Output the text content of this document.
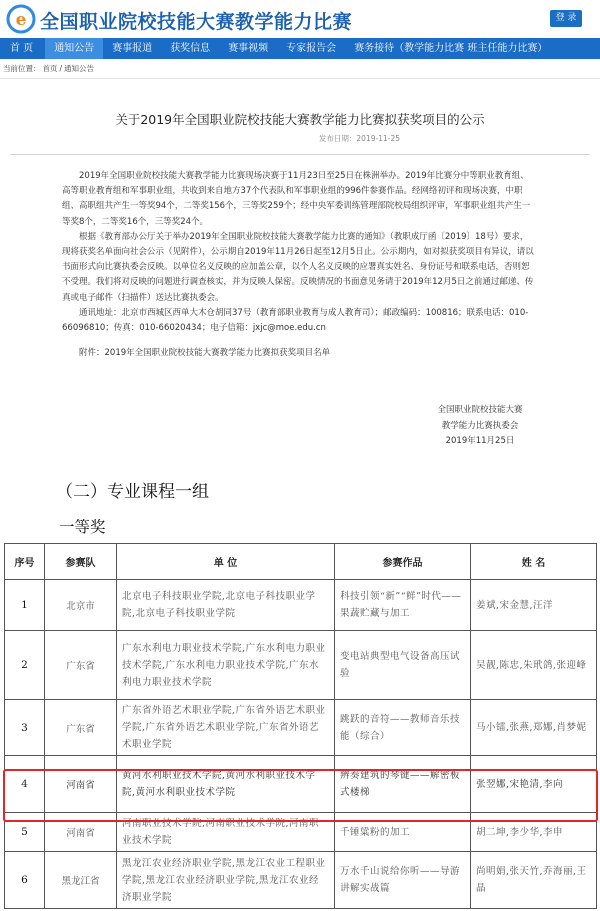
e 全国职业院校技能大赛教学能力比赛	登 录
首 页	通知公告	赛事报道	获奖信息	赛事视频	专家报告会	赛务接待（教学能力比赛 班主任能力比赛）
当前位置： 首页 / 通知公告
关于2019年全国职业院校技能大赛教学能力比赛拟获奖项目的公示
发布日期：2019-11-25

2019年全国职业院校技能大赛教学能力比赛现场决赛于11月23日至25日在株洲举办。2019年比赛分中等职业教育组、高等职业教育组和军事职业组，共收到来自地方37个代表队和军事职业组的996件参赛作品。经网络初评和现场决赛，中职组、高职组共产生一等奖94个，二等奖156个，三等奖259个；经中央军委训练管理部院校局组织评审，军事职业组共产生一等奖8个，二等奖16个，三等奖24个。

根据《教育部办公厅关于举办2019年全国职业院校技能大赛教学能力比赛的通知》（教职成厅函〔2019〕18号）要求，现将获奖名单面向社会公示（见附件），公示期自2019年11月26日起至12月5日止。公示期内，如对拟获奖项目有异议，请以书面形式向比赛执委会反映。以单位名义反映的应加盖公章，以个人名义反映的应署真实姓名、身份证号和联系电话，否则恕不受理。我们将对反映的问题进行调查核实，并为反映人保密。反映情况的书面意见务请于2019年12月5日之前通过邮递、传真或电子邮件（扫描件）送达比赛执委会。

通讯地址：北京市西城区西单大木仓胡同37号（教育部职业教育与成人教育司）；邮政编码：100816；联系电话：010-66096810；传真：010-66020434；电子信箱：jxjc@moe.edu.cn

附件：2019年全国职业院校技能大赛教学能力比赛拟获奖项目名单
全国职业院校技能大赛
教学能力比赛执委会
2019年11月25日
（二）专业课程一组
一等奖
序号	参赛队	单 位	参赛作品	姓 名
1	北京市	北京电子科技职业学院,北京电子科技职业学院,北京电子科技职业学院	科技引领“新”“鲜”时代——果蔬贮藏与加工	姜斌,宋金慧,汪洋
2	广东省	广东水利电力职业技术学院,广东水利电力职业技术学院,广东水利电力职业技术学院,广东水利电力职业技术学院	变电站典型电气设备高压试验	吴靓,陈忠,朱玳鸽,张迎峰
3	广东省	广东省外语艺术职业学院,广东省外语艺术职业学院,广东省外语艺术职业学院,广东省外语艺术职业学院	跳跃的音符——教师音乐技能（综合）	马小镭,张燕,郑娜,肖梦妮
4	河南省	黄河水利职业技术学院,黄河水利职业技术学院,黄河水利职业技术学院	辨奏建筑的琴键——解密板式楼梯	张翌娜,宋艳清,李向
5	河南省	河南职业技术学院,河南职业技术学院,河南职业技术学院	千锤粱粉的加工	胡二坤,李少华,李申
6	黑龙江省	黑龙江农业经济职业学院,黑龙江农业工程职业学院,黑龙江农业经济职业学院,黑龙江农业经济职业学院	万水千山说给你听——导游讲解实战篇	尚明娟,张天竹,乔海丽,王晶
